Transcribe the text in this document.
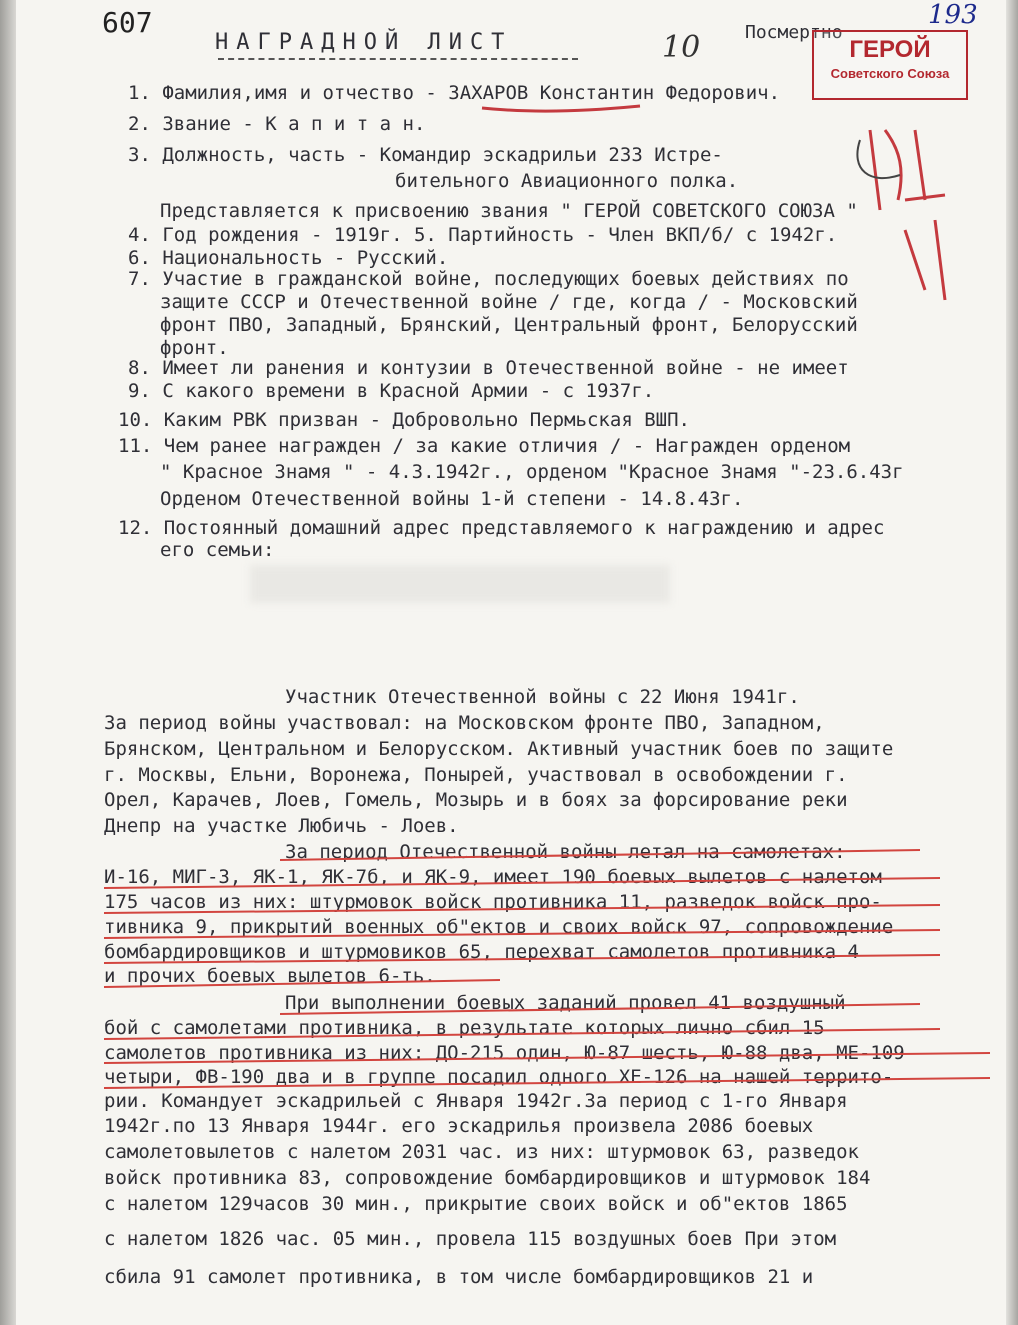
607	193
НАГРАДНОЙ ЛИСТ	10 Посмертно
ГЕРОЙ
Советского Союза
1. Фамилия,имя и отчество - ЗАХАРОВ Константин Федорович.
2. Звание - К а п и т а н.
3. Должность, часть - Командир эскадрильи 233 Истре-
бительного Авиационного полка.
Представляется к присвоению звания " ГЕРОЙ СОВЕТСКОГО СОЮЗА "
4. Год рождения - 1919г. 5. Партийность - Член ВКП/б/ с 1942г.
6. Национальность - Русский.
7. Участие в гражданской войне, последующих боевых действиях по
защите СССР и Отечественной войне / где, когда / - Московский
фронт ПВО, Западный, Брянский, Центральный фронт, Белорусский
фронт.
8. Имеет ли ранения и контузии в Отечественной войне - не имеет
9. С какого времени в Красной Армии - с 1937г.
10. Каким РВК призван - Добровольно Пермьская ВШП.
11. Чем ранее награжден / за какие отличия / - Награжден орденом
" Красное Знамя " - 4.3.1942г., орденом "Красное Знамя "-23.6.43г
Орденом Отечественной войны 1-й степени - 14.8.43г.
12. Постоянный домашний адрес представляемого к награждению и адрес
его семьи:
Участник Отечественной войны с 22 Июня 1941г.
За период войны участвовал: на Московском фронте ПВО, Западном,
Брянском, Центральном и Белорусском. Активный участник боев по защите
г. Москвы, Ельни, Воронежа, Понырей, участвовал в освобождении г.
Орел, Карачев, Лоев, Гомель, Мозырь и в боях за форсирование реки
Днепр на участке Любичь - Лоев.
За период Отечественной войны летал на самолетах:
И-16, МИГ-3, ЯК-1, ЯК-7б, и ЯК-9, имеет 190 боевых вылетов с налетом
175 часов из них: штурмовок войск противника 11, разведок войск про-
тивника 9, прикрытий военных об"ектов и своих войск 97, сопровождение
бомбардировщиков и штурмовиков 65, перехват самолетов противника 4
и прочих боевых вылетов 6-ть.
При выполнении боевых заданий провел 41 воздушный
бой с самолетами противника, в результате которых лично сбил 15
самолетов противника из них: ДО-215 один, Ю-87 шесть, Ю-88 два, МЕ-109
четыри, ФВ-190 два и в группе посадил одного ХЕ-126 на нашей террито-
рии. Командует эскадрильей с Января 1942г.За период с 1-го Января
1942г.по 13 Января 1944г. его эскадрилья произвела 2086 боевых
самолетовылетов с налетом 2031 час. из них: штурмовок 63, разведок
войск противника 83, сопровождение бомбардировщиков и штурмовок 184
с налетом 129часов 30 мин., прикрытие своих войск и об"ектов 1865
с налетом 1826 час. 05 мин., провела 115 воздушных боев При этом
сбила 91 самолет противника, в том числе бомбардировщиков 21 и
